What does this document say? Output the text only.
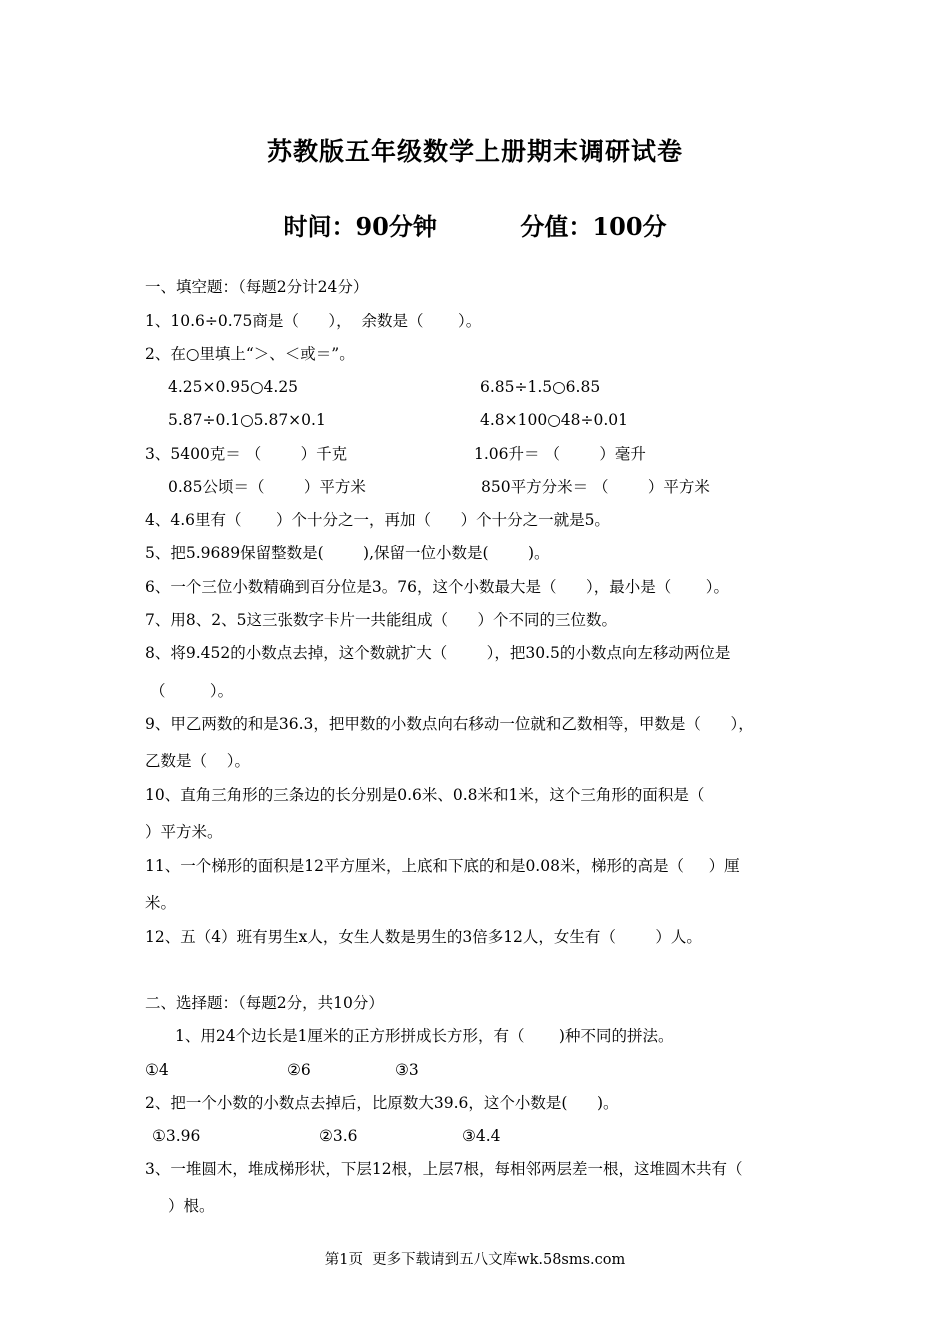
苏教版五年级数学上册期末调研试卷
时间：90分钟          分值：100分
一、填空题：（每题2分计24分）
1、10.6÷0.75商是（      ），  余数是（       ）。
2、在○里填上“＞、＜或＝”。
4.25×0.95○4.25	6.85÷1.5○6.85
5.87÷0.1○5.87×0.1	4.8×100○48÷0.01
3、5400克＝ （        ）千克	1.06升＝ （        ）毫升
0.85公顷＝（        ）平方米	850平方分米＝ （        ）平方米
4、4.6里有（       ）个十分之一，再加（      ）个十分之一就是5。
5、把5.9689保留整数是(        ),保留一位小数是(        )。
6、一个三位小数精确到百分位是3。76，这个小数最大是（      ），最小是（       ）。
7、用8、2、5这三张数字卡片一共能组成（      ）个不同的三位数。
8、将9.452的小数点去掉，这个数就扩大（        ），把30.5的小数点向左移动两位是
（         ）。
9、甲乙两数的和是36.3，把甲数的小数点向右移动一位就和乙数相等，甲数是（      ），
乙数是（    ）。
10、直角三角形的三条边的长分别是0.6米、0.8米和1米，这个三角形的面积是（
）平方米。
11、一个梯形的面积是12平方厘米，上底和下底的和是0.08米，梯形的高是（     ）厘
米。
12、五（4）班有男生x人，女生人数是男生的3倍多12人，女生有（        ）人。
二、选择题：（每题2分，共10分）
1、用24个边长是1厘米的正方形拼成长方形，有（       )种不同的拼法。
①4	②6	③3
2、把一个小数的小数点去掉后，比原数大39.6，这个小数是(      )。
①3.96	②3.6	③4.4
3、一堆圆木，堆成梯形状，下层12根，上层7根，每相邻两层差一根，这堆圆木共有（
）根。
第1页  更多下载请到五八文库wk.58sms.com
